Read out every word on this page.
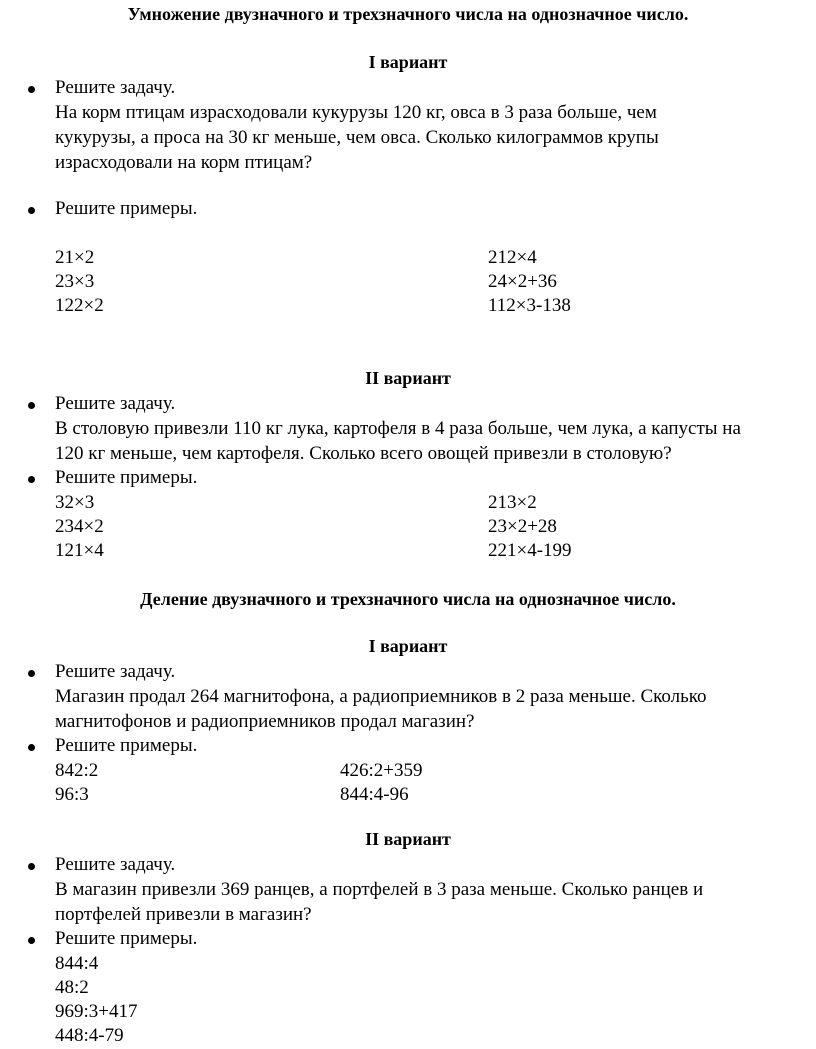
Умножение двузначного и трехзначного числа на однозначное число.
I вариант
Решите задачу.
На корм птицам израсходовали кукурузы 120 кг, овса в 3 раза больше, чем
кукурузы, а проса на 30 кг меньше, чем овса. Сколько килограммов крупы
израсходовали на корм птицам?
Решите примеры.
21×2
23×3
122×2
212×4
24×2+36
112×3-138
II вариант
Решите задачу.
В столовую привезли 110 кг лука, картофеля в 4 раза больше, чем лука, а капусты на
120 кг меньше, чем картофеля. Сколько всего овощей привезли в столовую?
Решите примеры.
32×3
234×2
121×4
213×2
23×2+28
221×4-199
Деление двузначного и трехзначного числа на однозначное число.
I вариант
Решите задачу.
Магазин продал 264 магнитофона, а радиоприемников в 2 раза меньше. Сколько
магнитофонов и радиоприемников продал магазин?
Решите примеры.
842:2
96:3
426:2+359
844:4-96
II вариант
Решите задачу.
В магазин привезли 369 ранцев, а портфелей в 3 раза меньше. Сколько ранцев и
портфелей привезли в магазин?
Решите примеры.
844:4
48:2
969:3+417
448:4-79
